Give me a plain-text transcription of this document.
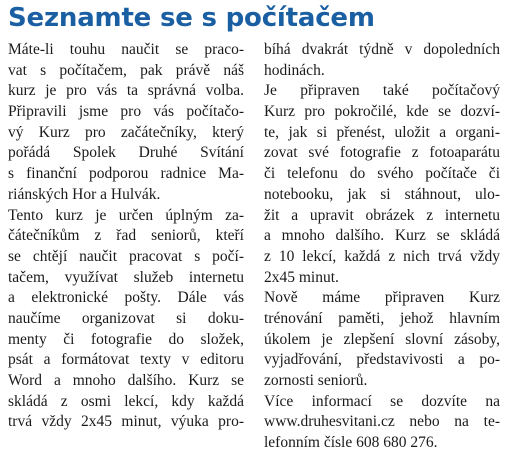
Seznamte se s počítačem
Máte-li touhu naučit se praco-
vat s počítačem, pak právě náš
kurz je pro vás ta správná volba.
Připravili jsme pro vás počítačo-
vý Kurz pro začátečníky, který
pořádá Spolek Druhé Svítání
s finanční podporou radnice Ma-
riánských Hor a Hulvák.
Tento kurz je určen úplným za-
čátečníkům z řad seniorů, kteří
se chtějí naučit pracovat s počí-
tačem, využívat služeb internetu
a elektronické pošty. Dále vás
naučíme organizovat si doku-
menty či fotografie do složek,
psát a formátovat texty v editoru
Word a mnoho dalšího. Kurz se
skládá z osmi lekcí, kdy každá
trvá vždy 2x45 minut, výuka pro-
bíhá dvakrát týdně v dopoledních
hodinách.
Je připraven také počítačový
Kurz pro pokročilé, kde se dozví-
te, jak si přenést, uložit a organi-
zovat své fotografie z fotoaparátu
či telefonu do svého počítače či
notebooku, jak si stáhnout, ulo-
žit a upravit obrázek z internetu
a mnoho dalšího. Kurz se skládá
z 10 lekcí, každá z nich trvá vždy
2x45 minut.
Nově máme připraven Kurz
trénování paměti, jehož hlavním
úkolem je zlepšení slovní zásoby,
vyjadřování, představivosti a po-
zornosti seniorů.
Více informací se dozvíte na
www.druhesvitani.cz nebo na te-
lefonním čísle 608 680 276.
